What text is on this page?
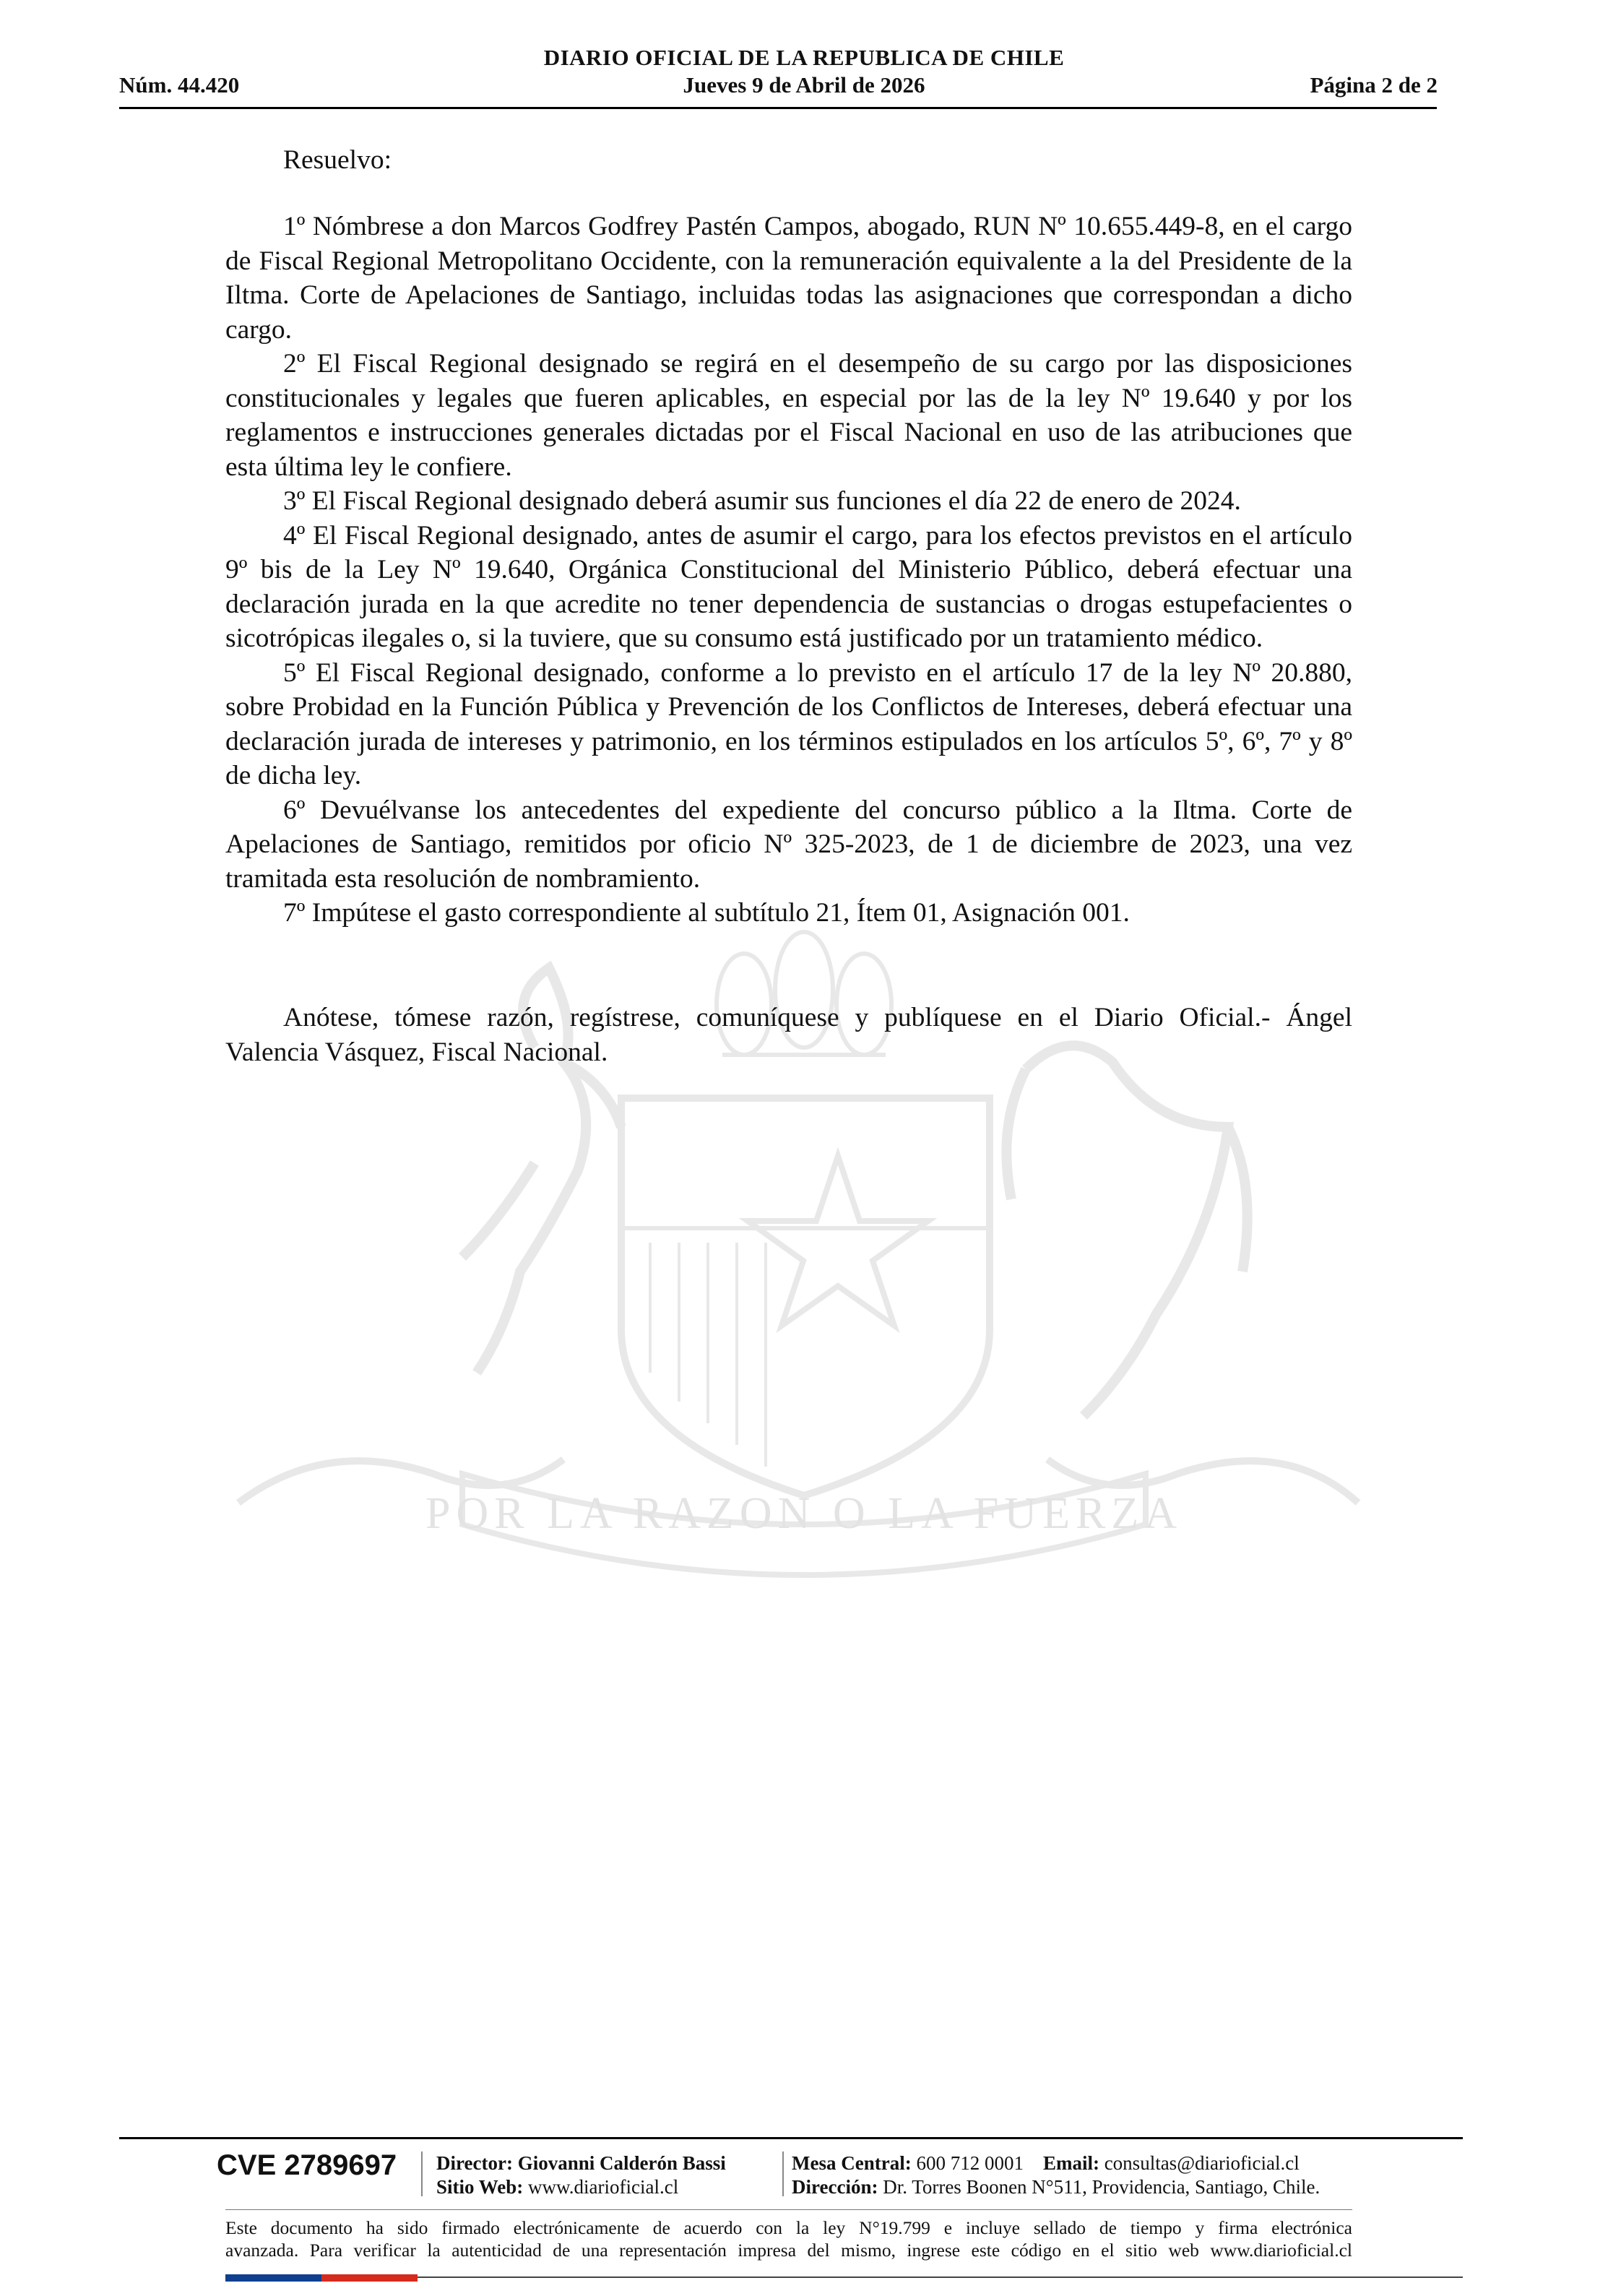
POR LA RAZON O LA FUERZA
DIARIO OFICIAL DE LA REPUBLICA DE CHILE
Núm. 44.420	Jueves 9 de Abril de 2026	Página 2 de 2
Resuelvo:

1º Nómbrese a don Marcos Godfrey Pastén Campos, abogado, RUN Nº 10.655.449-8, en el cargo de Fiscal Regional Metropolitano Occidente, con la remuneración equivalente a la del Presidente de la Iltma. Corte de Apelaciones de Santiago, incluidas todas las asignaciones que correspondan a dicho cargo.

2º El Fiscal Regional designado se regirá en el desempeño de su cargo por las disposiciones constitucionales y legales que fueren aplicables, en especial por las de la ley Nº 19.640 y por los reglamentos e instrucciones generales dictadas por el Fiscal Nacional en uso de las atribuciones que esta última ley le confiere.

3º El Fiscal Regional designado deberá asumir sus funciones el día 22 de enero de 2024.

4º El Fiscal Regional designado, antes de asumir el cargo, para los efectos previstos en el artículo 9º bis de la Ley Nº 19.640, Orgánica Constitucional del Ministerio Público, deberá efectuar una declaración jurada en la que acredite no tener dependencia de sustancias o drogas estupefacientes o sicotrópicas ilegales o, si la tuviere, que su consumo está justificado por un tratamiento médico.

5º El Fiscal Regional designado, conforme a lo previsto en el artículo 17 de la ley Nº 20.880, sobre Probidad en la Función Pública y Prevención de los Conflictos de Intereses, deberá efectuar una declaración jurada de intereses y patrimonio, en los términos estipulados en los artículos 5º, 6º, 7º y 8º de dicha ley.

6º Devuélvanse los antecedentes del expediente del concurso público a la Iltma. Corte de Apelaciones de Santiago, remitidos por oficio Nº 325-2023, de 1 de diciembre de 2023, una vez tramitada esta resolución de nombramiento.

7º Impútese el gasto correspondiente al subtítulo 21, Ítem 01, Asignación 001.

Anótese, tómese razón, regístrese, comuníquese y publíquese en el Diario Oficial.- Ángel Valencia Vásquez, Fiscal Nacional.

CVE 2789697 Director: Giovanni Calderón Bassi
Sitio Web: www.diarioficial.cl
Mesa Central: 600 712 0001 Email: consultas@diarioficial.cl
Dirección: Dr. Torres Boonen N°511, Providencia, Santiago, Chile.
Este documento ha sido firmado electrónicamente de acuerdo con la ley N°19.799 e incluye sellado de tiempo y firma electrónica
avanzada. Para verificar la autenticidad de una representación impresa del mismo, ingrese este código en el sitio web www.diarioficial.cl
